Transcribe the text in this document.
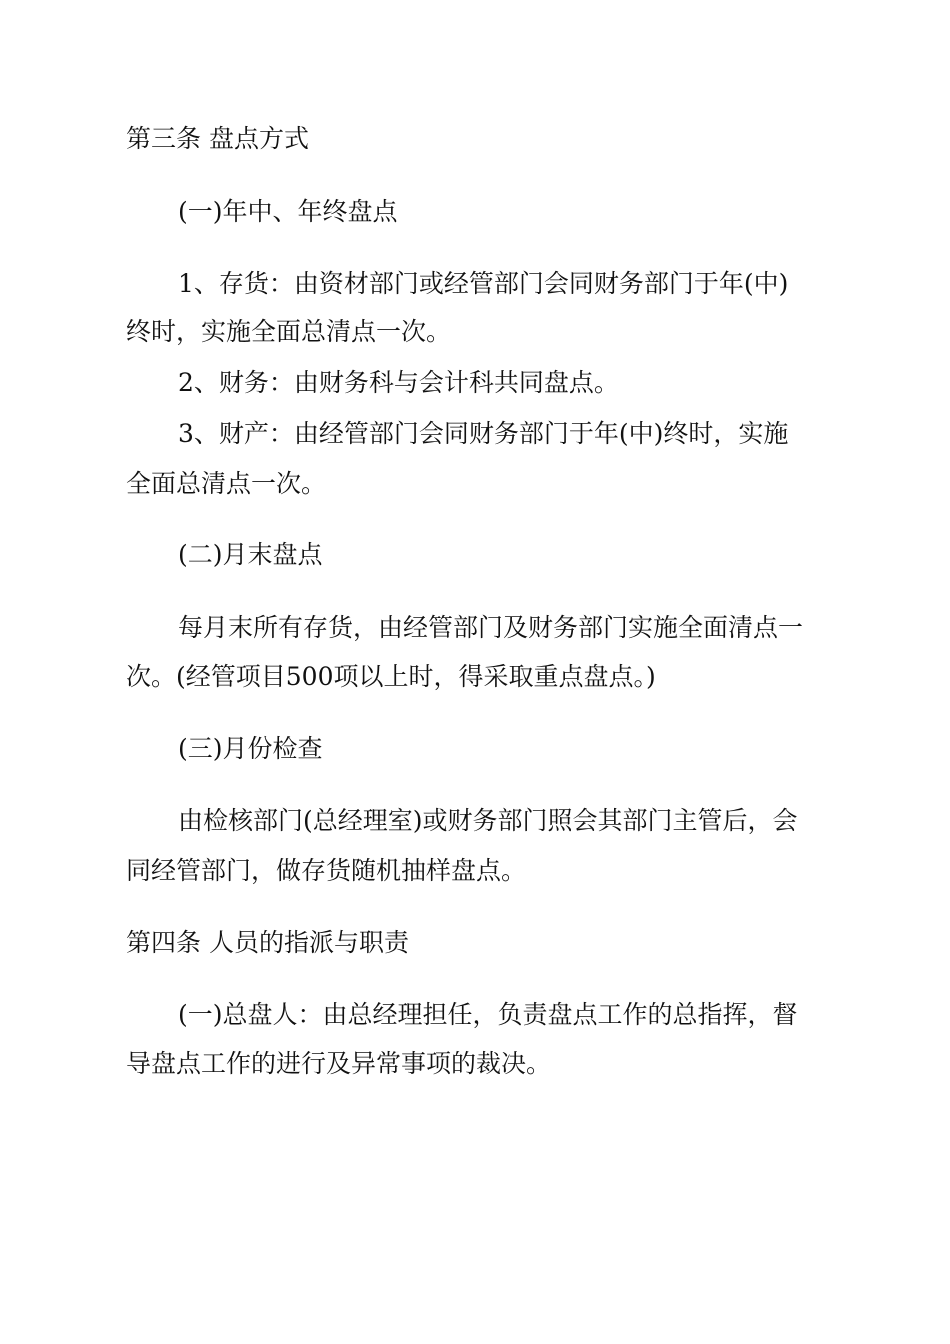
第三条 盘点方式

(一)年中、年终盘点

1、存货：由资材部门或经管部门会同财务部门于年(中)

终时，实施全面总清点一次。

2、财务：由财务科与会计科共同盘点。

3、财产：由经管部门会同财务部门于年(中)终时，实施

全面总清点一次。

(二)月末盘点

每月末所有存货，由经管部门及财务部门实施全面清点一

次。(经管项目500项以上时，得采取重点盘点。)

(三)月份检查

由检核部门(总经理室)或财务部门照会其部门主管后，会

同经管部门，做存货随机抽样盘点。

第四条 人员的指派与职责

(一)总盘人：由总经理担任，负责盘点工作的总指挥，督

导盘点工作的进行及异常事项的裁决。
